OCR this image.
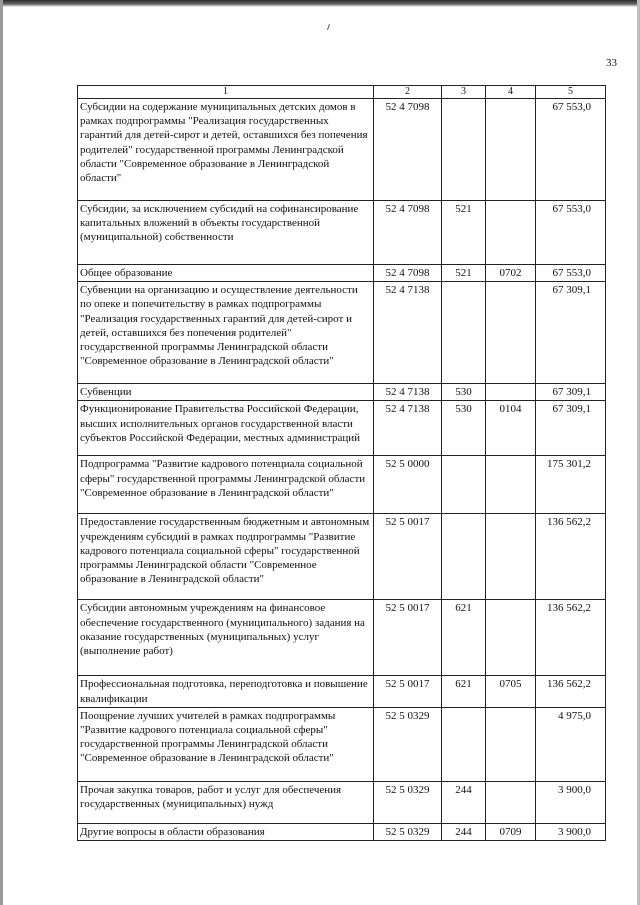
33
1	2	3	4	5
Субсидии на содержание муниципальных детских домов в рамках подпрограммы "Реализация государственных гарантий для детей-сирот и детей, оставшихся без попечения родителей" государственной программы Ленинградской области "Современное образование в Ленинградской области"	52 4 7098			67 553,0
Субсидии, за исключением субсидий на софинансирование капитальных вложений в объекты государственной (муниципальной) собственности	52 4 7098	521		67 553,0
Общее образование	52 4 7098	521	0702	67 553,0
Субвенции на организацию и осуществление деятельности по опеке и попечительству в рамках подпрограммы "Реализация государственных гарантий для детей-сирот и детей, оставшихся без попечения родителей" государственной программы Ленинградской области "Современное образование в Ленинградской области"	52 4 7138			67 309,1
Субвенции	52 4 7138	530		67 309,1
Функционирование Правительства Российской Федерации, высших исполнительных органов государственной власти субъектов Российской Федерации, местных администраций	52 4 7138	530	0104	67 309,1
Подпрограмма "Развитие кадрового потенциала социальной сферы" государственной программы Ленинградской области "Современное образование в Ленинградской области"	52 5 0000			175 301,2
Предоставление государственным бюджетным и автономным учреждениям субсидий в рамках подпрограммы "Развитие кадрового потенциала социальной сферы" государственной программы Ленинградской области "Современное образование в Ленинградской области"	52 5 0017			136 562,2
Субсидии автономным учреждениям на финансовое обеспечение государственного (муниципального) задания на оказание государственных (муниципальных) услуг (выполнение работ)	52 5 0017	621		136 562,2
Профессиональная подготовка, переподготовка и повышение квалификации	52 5 0017	621	0705	136 562,2
Поощрение лучших учителей в рамках подпрограммы "Развитие кадрового потенциала социальной сферы" государственной программы Ленинградской области "Современное образование в Ленинградской области"	52 5 0329			4 975,0
Прочая закупка товаров, работ и услуг для обеспечения государственных (муниципальных) нужд	52 5 0329	244		3 900,0
Другие вопросы в области образования	52 5 0329	244	0709	3 900,0
